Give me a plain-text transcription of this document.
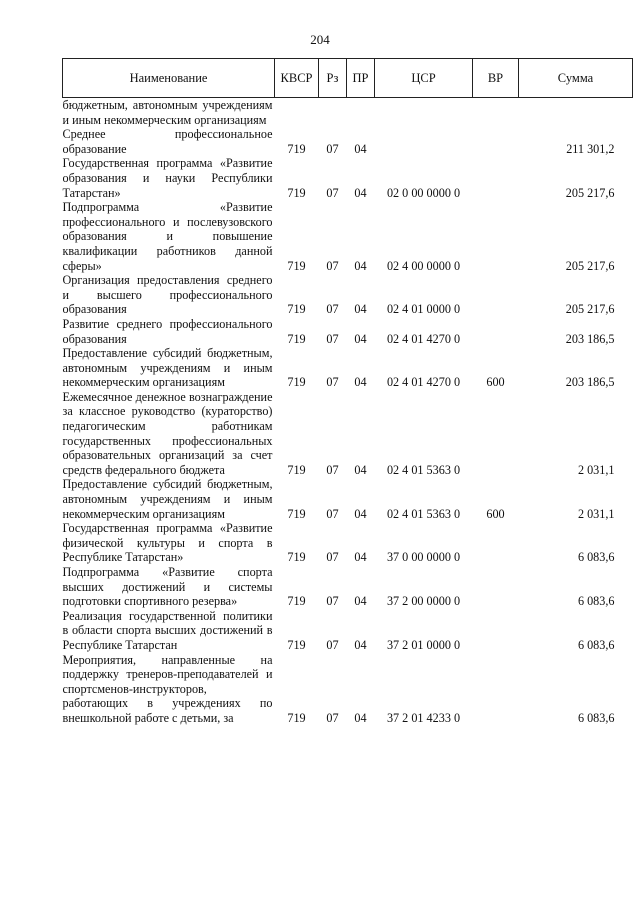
204
Наименование	КВСР	Рз	ПР	ЦСР	ВР	Сумма
бюджетным, автономным учреждениям и иным некоммерческим организациям						
Среднее профессиональное образование	719	07	04			211 301,2
Государственная программа «Развитие образования и науки Республики Татарстан»	719	07	04	02 0 00 0000 0		205 217,6
Подпрограмма «Развитие профессионального и послевузовского образования и повышение квалификации работников данной сферы»	719	07	04	02 4 00 0000 0		205 217,6
Организация предоставления среднего и высшего профессионального образования	719	07	04	02 4 01 0000 0		205 217,6
Развитие среднего профессионального образования	719	07	04	02 4 01 4270 0		203 186,5
Предоставление субсидий бюджетным, автономным учреждениям и иным некоммерческим организациям	719	07	04	02 4 01 4270 0	600	203 186,5
Ежемесячное денежное вознаграждение за классное руководство (кураторство) педагогическим работникам государственных профессиональных образовательных организаций за счет средств федерального бюджета	719	07	04	02 4 01 5363 0		2 031,1
Предоставление субсидий бюджетным, автономным учреждениям и иным некоммерческим организациям	719	07	04	02 4 01 5363 0	600	2 031,1
Государственная программа «Развитие физической культуры и спорта в Республике Татарстан»	719	07	04	37 0 00 0000 0		6 083,6
Подпрограмма «Развитие спорта высших достижений и системы подготовки спортивного резерва»	719	07	04	37 2 00 0000 0		6 083,6
Реализация государственной политики в области спорта высших достижений в Республике Татарстан	719	07	04	37 2 01 0000 0		6 083,6
Мероприятия, направленные на поддержку тренеров-преподавателей и спортсменов-инструкторов, работающих в учреждениях по внешкольной работе с детьми, за	719	07	04	37 2 01 4233 0		6 083,6
